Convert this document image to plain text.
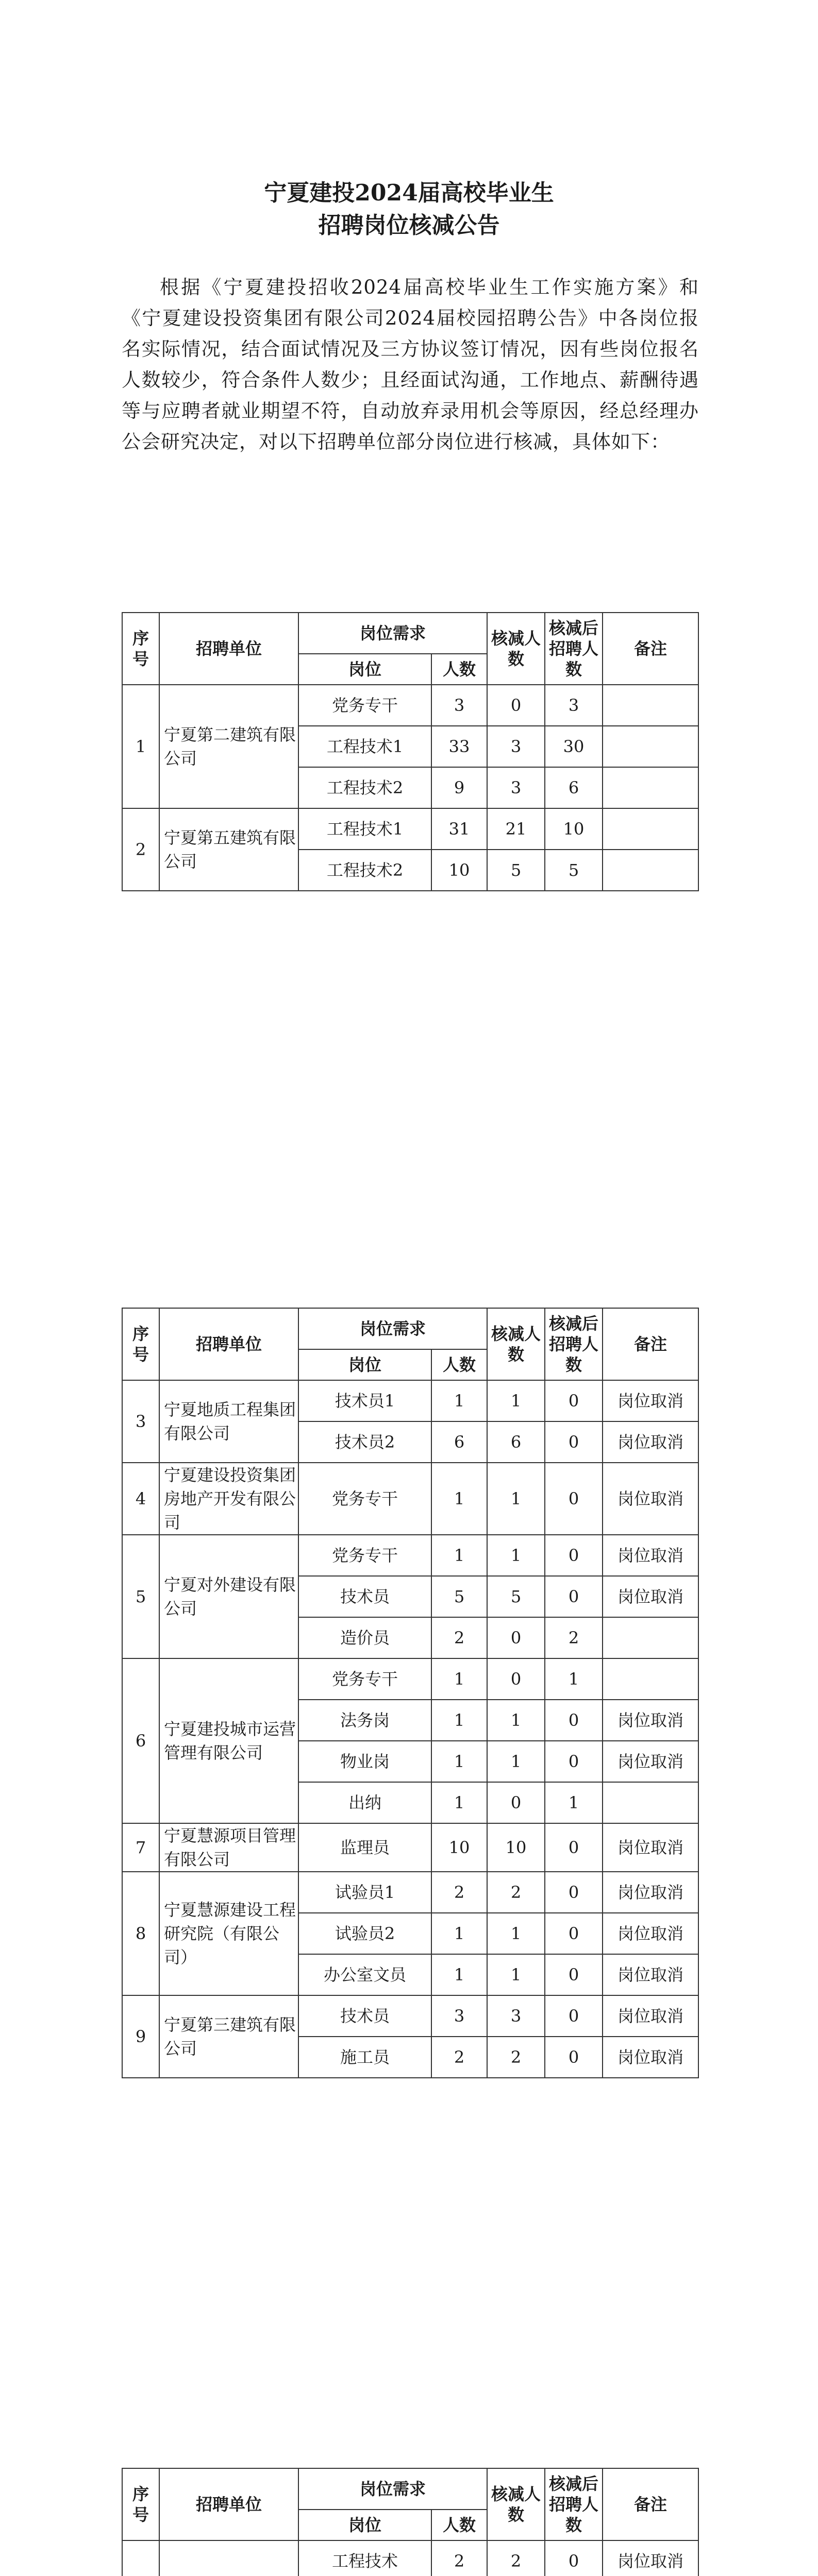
宁夏建投2024届高校毕业生
招聘岗位核减公告
根据《宁夏建投招收2024届高校毕业生工作实施方案》和《宁夏建设投资集团有限公司2024届校园招聘公告》中各岗位报名实际情况，结合面试情况及三方协议签订情况，因有些岗位报名人数较少，符合条件人数少；且经面试沟通，工作地点、薪酬待遇等与应聘者就业期望不符，自动放弃录用机会等原因，经总经理办公会研究决定，对以下招聘单位部分岗位进行核减，具体如下：
序号	招聘单位	岗位需求		核减人数	核减后招聘人数	备注
		岗位	人数			
1	宁夏第二建筑有限公司	党务专干	3	0	3	
		工程技术1	33	3	30	
		工程技术2	9	3	6	
2	宁夏第五建筑有限公司	工程技术1	31	21	10	
		工程技术2	10	5	5	
序号	招聘单位	岗位需求		核减人数	核减后招聘人数	备注
		岗位	人数			
3	宁夏地质工程集团有限公司	技术员1	1	1	0	岗位取消
		技术员2	6	6	0	岗位取消
4	宁夏建设投资集团房地产开发有限公司	党务专干	1	1	0	岗位取消
5	宁夏对外建设有限公司	党务专干	1	1	0	岗位取消
		技术员	5	5	0	岗位取消
		造价员	2	0	2	
6	宁夏建投城市运营管理有限公司	党务专干	1	0	1	
		法务岗	1	1	0	岗位取消
		物业岗	1	1	0	岗位取消
		出纳	1	0	1	
7	宁夏慧源项目管理有限公司	监理员	10	10	0	岗位取消
8	宁夏慧源建设工程研究院（有限公司）	试验员1	2	2	0	岗位取消
		试验员2	1	1	0	岗位取消
		办公室文员	1	1	0	岗位取消
9	宁夏第三建筑有限公司	技术员	3	3	0	岗位取消
		施工员	2	2	0	岗位取消
序号	招聘单位	岗位需求		核减人数	核减后招聘人数	备注
		岗位	人数			
		工程技术	2	2	0	岗位取消
